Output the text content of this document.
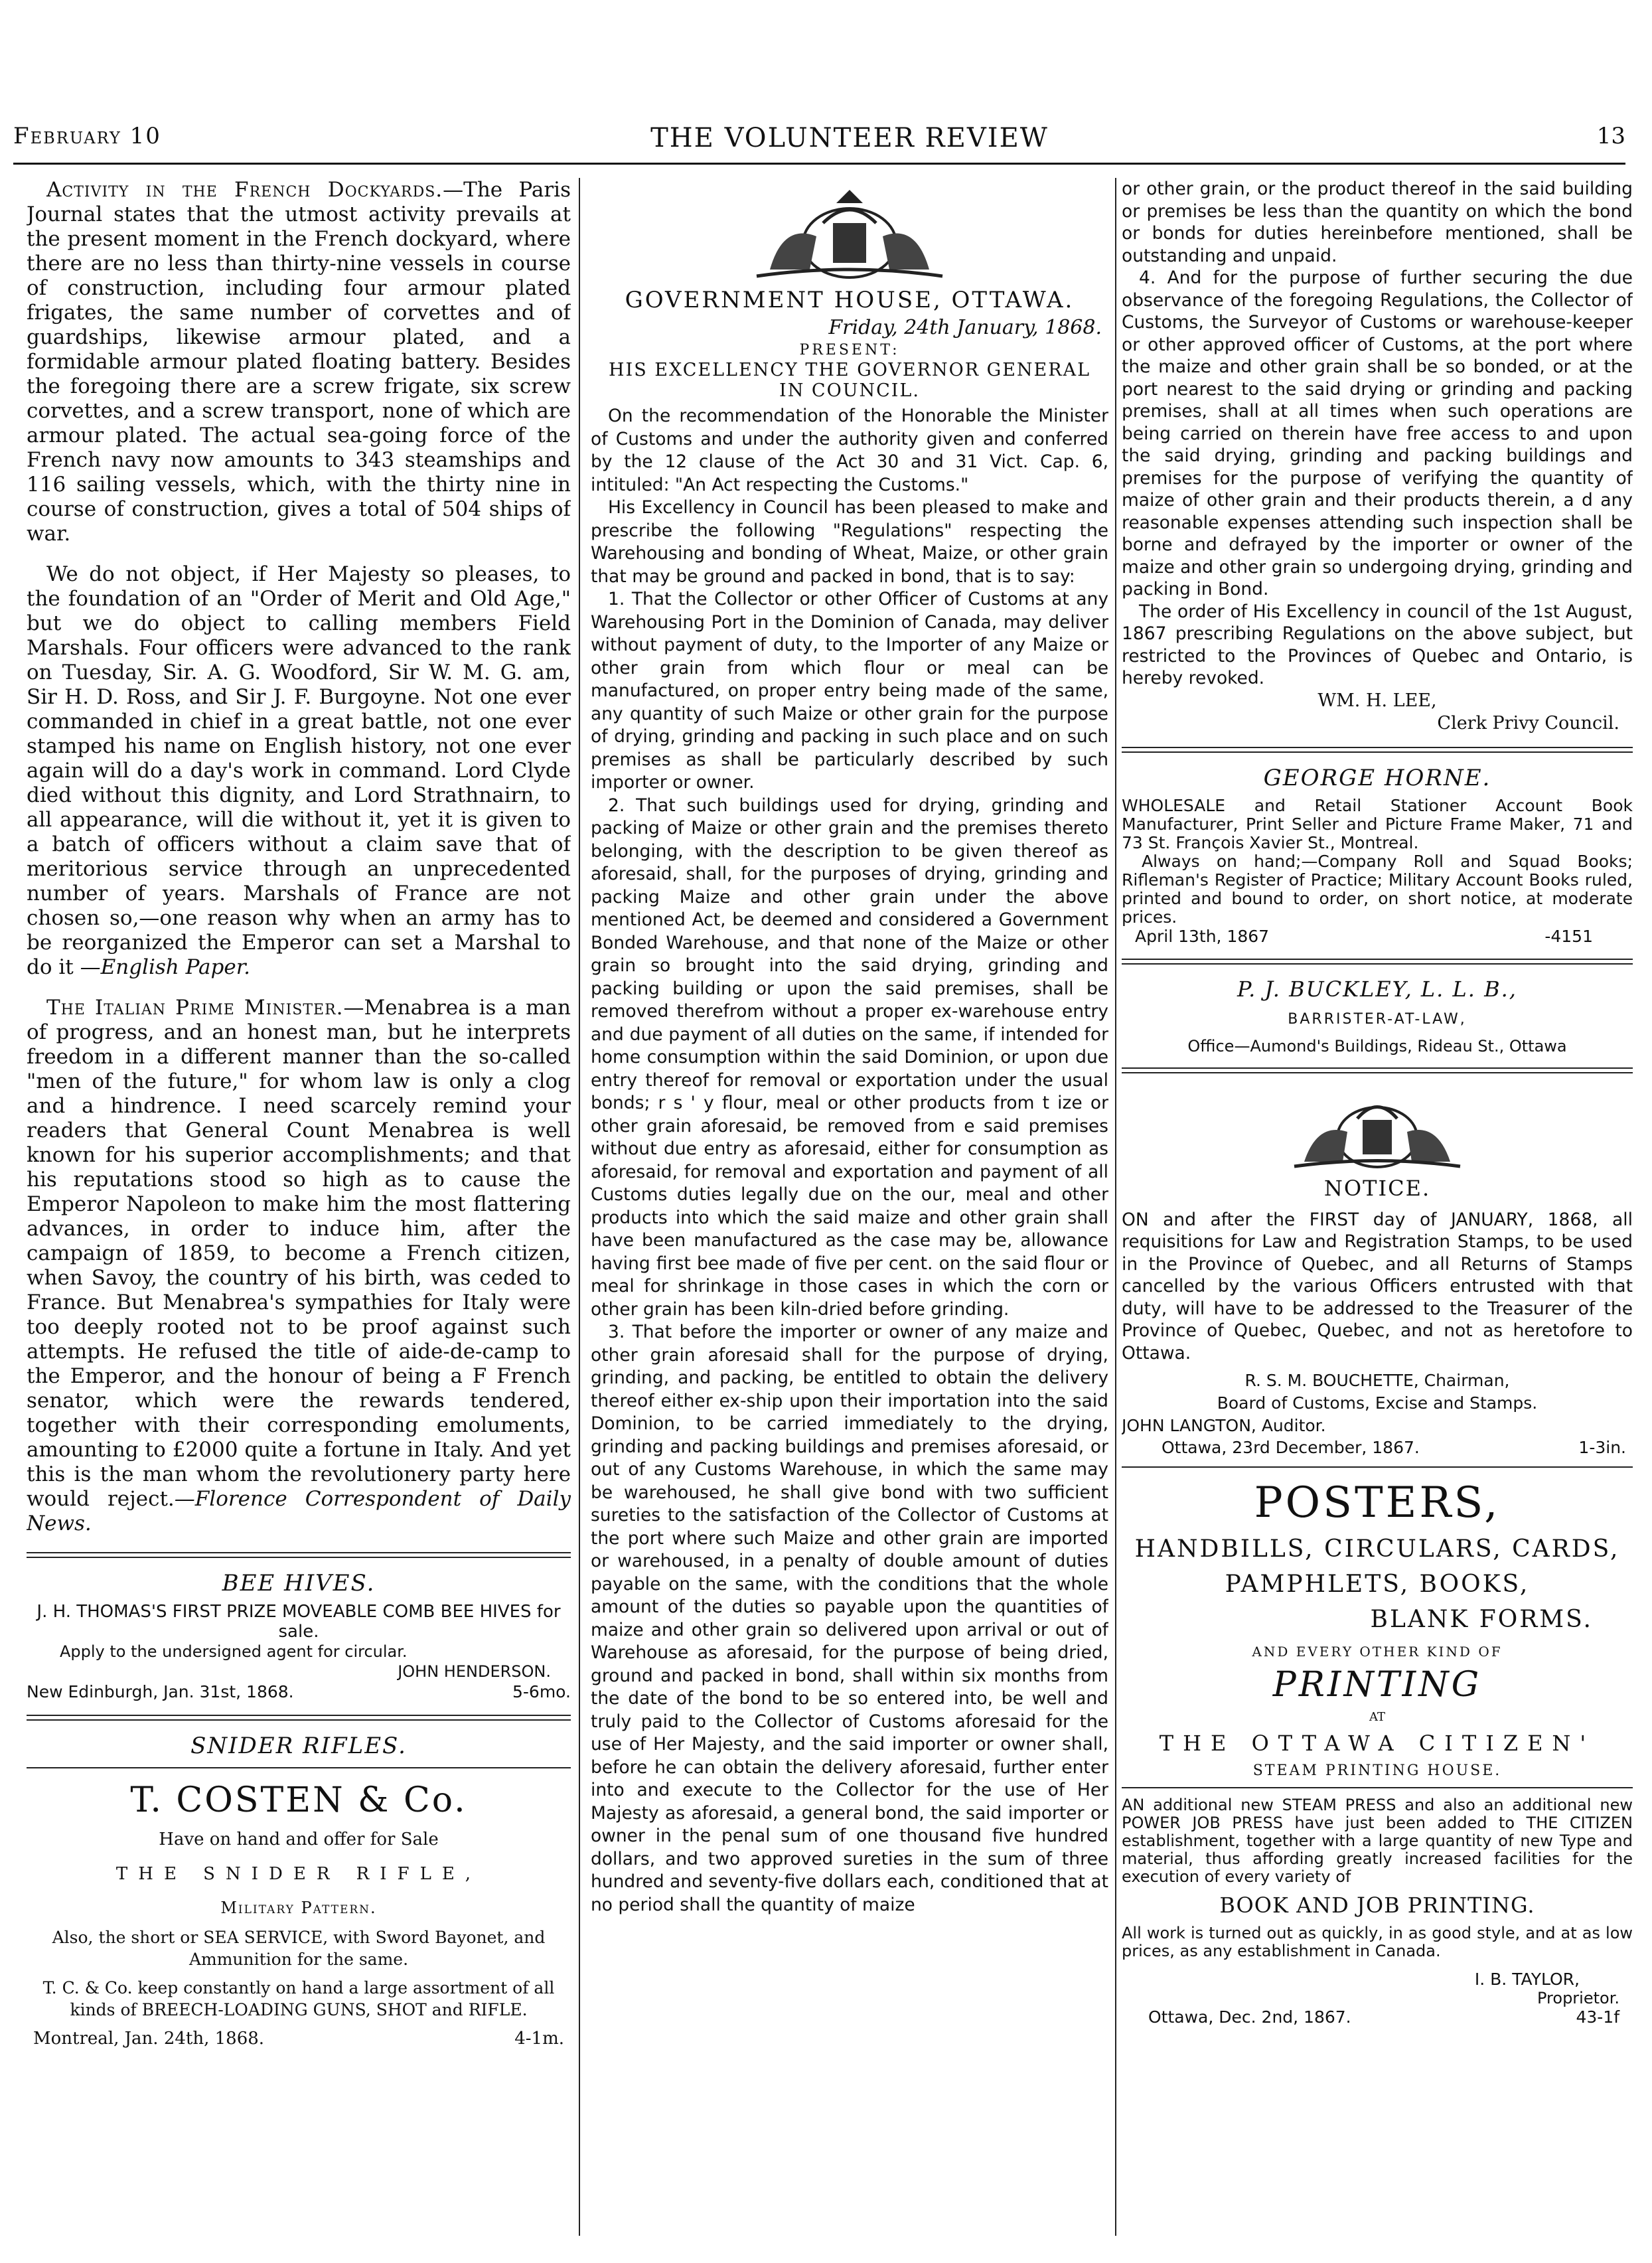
February 10	THE VOLUNTEER REVIEW	13

Activity in the French Dockyards.—The Paris Journal states that the utmost activity prevails at the present moment in the French dockyard, where there are no less than thirty-nine vessels in course of construction, including four armour plated frigates, the same number of corvettes and of guardships, likewise armour plated, and a formidable armour plated floating battery. Besides the foregoing there are a screw frigate, six screw corvettes, and a screw transport, none of which are armour plated. The actual sea-going force of the French navy now amounts to 343 steamships and 116 sailing vessels, which, with the thirty nine in course of construction, gives a total of 504 ships of war.

We do not object, if Her Majesty so pleases, to the foundation of an "Order of Merit and Old Age," but we do object to calling members Field Marshals. Four officers were advanced to the rank on Tuesday, Sir. A. G. Woodford, Sir W. M. G. am, Sir H. D. Ross, and Sir J. F. Burgoyne. Not one ever commanded in chief in a great battle, not one ever stamped his name on English history, not one ever again will do a day's work in command. Lord Clyde died without this dignity, and Lord Strathnairn, to all appearance, will die without it, yet it is given to a batch of officers without a claim save that of meritorious service through an unprecedented number of years. Marshals of France are not chosen so,—one reason why when an army has to be reorganized the Emperor can set a Marshal to do it —English Paper.

The Italian Prime Minister.—Menabrea is a man of progress, and an honest man, but he interprets freedom in a different manner than the so-called "men of the future," for whom law is only a clog and a hindrence. I need scarcely remind your readers that General Count Menabrea is well known for his superior accomplishments; and that his reputations stood so high as to cause the Emperor Napoleon to make him the most flattering advances, in order to induce him, after the campaign of 1859, to become a French citizen, when Savoy, the country of his birth, was ceded to France. But Menabrea's sympathies for Italy were too deeply rooted not to be proof against such attempts. He refused the title of aide-de-camp to the Emperor, and the honour of being a F French senator, which were the rewards tendered, together with their corresponding emoluments, amounting to £2000 quite a fortune in Italy. And yet this is the man whom the revolutionery party here would reject.—Florence Correspondent of Daily News.

BEE HIVES.

J. H. THOMAS'S FIRST PRIZE MOVEABLE COMB BEE HIVES for sale.

Apply to the undersigned agent for circular.

JOHN HENDERSON.

New Edinburgh, Jan. 31st, 1868.	5-6mo.

SNIDER RIFLES.
T. COSTEN & Co.
Have on hand and offer for Sale
THE SNIDER RIFLE,
Military Pattern.

Also, the short or SEA SERVICE, with Sword Bayonet, and Ammunition for the same.

T. C. & Co. keep constantly on hand a large assortment of all kinds of BREECH-LOADING GUNS, SHOT and RIFLE.

Montreal, Jan. 24th, 1868.	4-1m.

GOVERNMENT HOUSE, OTTAWA.
Friday, 24th January, 1868.
PRESENT:
HIS EXCELLENCY THE GOVERNOR GENERAL IN COUNCIL.

On the recommendation of the Honorable the Minister of Customs and under the authority given and conferred by the 12 clause of the Act 30 and 31 Vict. Cap. 6, intituled: "An Act respecting the Customs."

His Excellency in Council has been pleased to make and prescribe the following "Regulations" respecting the Warehousing and bonding of Wheat, Maize, or other grain that may be ground and packed in bond, that is to say:

1. That the Collector or other Officer of Customs at any Warehousing Port in the Dominion of Canada, may deliver without payment of duty, to the Importer of any Maize or other grain from which flour or meal can be manufactured, on proper entry being made of the same, any quantity of such Maize or other grain for the purpose of drying, grinding and packing in such place and on such premises as shall be particularly described by such importer or owner.

2. That such buildings used for drying, grinding and packing of Maize or other grain and the premises thereto belonging, with the description to be given thereof as aforesaid, shall, for the purposes of drying, grinding and packing Maize and other grain under the above mentioned Act, be deemed and considered a Government Bonded Warehouse, and that none of the Maize or other grain so brought into the said drying, grinding and packing building or upon the said premises, shall be removed therefrom without a proper ex-warehouse entry and due payment of all duties on the same, if intended for home consumption within the said Dominion, or upon due entry thereof for removal or exportation under the usual bonds; r s ' y flour, meal or other products from t ize or other grain aforesaid, be removed from e said premises without due entry as aforesaid, either for consumption as aforesaid, for removal and exportation and payment of all Customs duties legally due on the our, meal and other products into which the said maize and other grain shall have been manufactured as the case may be, allowance having first bee made of five per cent. on the said flour or meal for shrinkage in those cases in which the corn or other grain has been kiln-dried before grinding.

3. That before the importer or owner of any maize and other grain aforesaid shall for the purpose of drying, grinding, and packing, be entitled to obtain the delivery thereof either ex-ship upon their importation into the said Dominion, to be carried immediately to the drying, grinding and packing buildings and premises aforesaid, or out of any Customs Warehouse, in which the same may be warehoused, he shall give bond with two sufficient sureties to the satisfaction of the Collector of Customs at the port where such Maize and other grain are imported or warehoused, in a penalty of double amount of duties payable on the same, with the conditions that the whole amount of the duties so payable upon the quantities of maize and other grain so delivered upon arrival or out of Warehouse as aforesaid, for the purpose of being dried, ground and packed in bond, shall within six months from the date of the bond to be so entered into, be well and truly paid to the Collector of Customs aforesaid for the use of Her Majesty, and the said importer or owner shall, before he can obtain the delivery aforesaid, further enter into and execute to the Collector for the use of Her Majesty as aforesaid, a general bond, the said importer or owner in the penal sum of one thousand five hundred dollars, and two approved sureties in the sum of three hundred and seventy-five dollars each, conditioned that at no period shall the quantity of maize

or other grain, or the product thereof in the said building or premises be less than the quantity on which the bond or bonds for duties hereinbefore mentioned, shall be outstanding and unpaid.

4. And for the purpose of further securing the due observance of the foregoing Regulations, the Collector of Customs, the Surveyor of Customs or warehouse-keeper or other approved officer of Customs, at the port where the maize and other grain shall be so bonded, or at the port nearest to the said drying or grinding and packing premises, shall at all times when such operations are being carried on therein have free access to and upon the said drying, grinding and packing buildings and premises for the purpose of verifying the quantity of maize of other grain and their products therein, a d any reasonable expenses attending such inspection shall be borne and defrayed by the importer or owner of the maize and other grain so undergoing drying, grinding and packing in Bond.

The order of His Excellency in council of the 1st August, 1867 prescribing Regulations on the above subject, but restricted to the Provinces of Quebec and Ontario, is hereby revoked.

WM. H. LEE,
Clerk Privy Council.
GEORGE HORNE.

WHOLESALE and Retail Stationer Account Book Manufacturer, Print Seller and Picture Frame Maker, 71 and 73 St. François Xavier St., Montreal.

Always on hand;—Company Roll and Squad Books; Rifleman's Register of Practice; Military Account Books ruled, printed and bound to order, on short notice, at moderate prices.

April 13th, 1867	-4151

P. J. BUCKLEY, L. L. B.,
BARRISTER-AT-LAW,
Office—Aumond's Buildings, Rideau St., Ottawa
NOTICE.

ON and after the FIRST day of JANUARY, 1868, all requisitions for Law and Registration Stamps, to be used in the Province of Quebec, and all Returns of Stamps cancelled by the various Officers entrusted with that duty, will have to be addressed to the Treasurer of the Province of Quebec, Quebec, and not as heretofore to Ottawa.

R. S. M. BOUCHETTE, Chairman,
Board of Customs, Excise and Stamps.
JOHN LANGTON, Auditor.

Ottawa, 23rd December, 1867.	1-3in.

POSTERS,
HANDBILLS, CIRCULARS, CARDS,
PAMPHLETS, BOOKS,
BLANK FORMS.
AND EVERY OTHER KIND OF
PRINTING
AT
THE OTTAWA CITIZEN'
STEAM PRINTING HOUSE.

AN additional new STEAM PRESS and also an additional new POWER JOB PRESS have just been added to THE CITIZEN establishment, together with a large quantity of new Type and material, thus affording greatly increased facilities for the execution of every variety of

BOOK AND JOB PRINTING.

All work is turned out as quickly, in as good style, and at as low prices, as any establishment in Canada.

I. B. TAYLOR,
Proprietor.

Ottawa, Dec. 2nd, 1867.	43-1f
